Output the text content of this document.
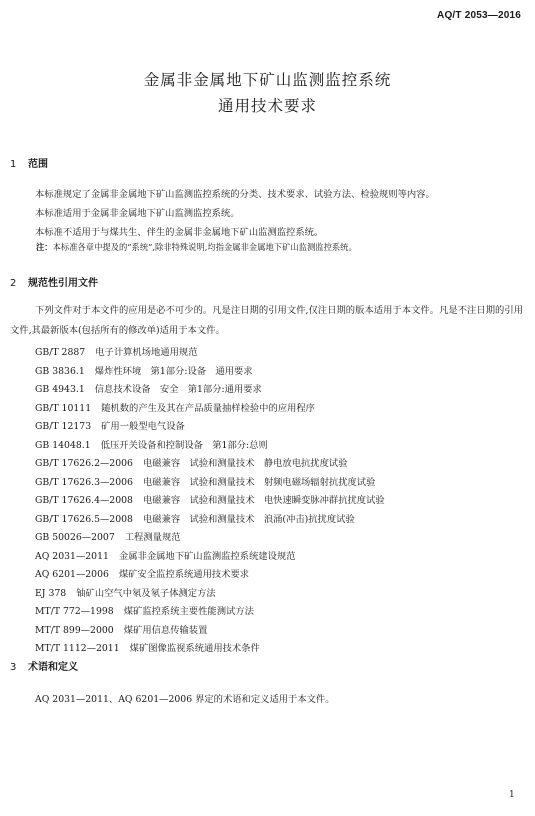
AQ/T 2053—2016
金属非金属地下矿山监测监控系统
通用技术要求
1 范围
本标准规定了金属非金属地下矿山监测监控系统的分类、技术要求、试验方法、检验规则等内容。
本标准适用于金属非金属地下矿山监测监控系统。
本标准不适用于与煤共生、伴生的金属非金属地下矿山监测监控系统。
注：本标准各章中提及的“系统”,除非特殊说明,均指金属非金属地下矿山监测监控系统。
2 规范性引用文件
下列文件对于本文件的应用是必不可少的。凡是注日期的引用文件,仅注日期的版本适用于本文件。凡是不注日期的引用文件,其最新版本(包括所有的修改单)适用于本文件。
GB/T 2887 电子计算机场地通用规范
GB 3836.1 爆炸性环境　第1部分:设备　通用要求
GB 4943.1 信息技术设备　安全　第1部分:通用要求
GB/T 10111 随机数的产生及其在产品质量抽样检验中的应用程序
GB/T 12173 矿用一般型电气设备
GB 14048.1 低压开关设备和控制设备　第1部分:总则
GB/T 17626.2—2006 电磁兼容　试验和测量技术　静电放电抗扰度试验
GB/T 17626.3—2006 电磁兼容　试验和测量技术　射频电磁场辐射抗扰度试验
GB/T 17626.4—2008 电磁兼容　试验和测量技术　电快速瞬变脉冲群抗扰度试验
GB/T 17626.5—2008 电磁兼容　试验和测量技术　浪涌(冲击)抗扰度试验
GB 50026—2007 工程测量规范
AQ 2031—2011 金属非金属地下矿山监测监控系统建设规范
AQ 6201—2006 煤矿安全监控系统通用技术要求
EJ 378 铀矿山空气中氡及氡子体测定方法
MT/T 772—1998 煤矿监控系统主要性能测试方法
MT/T 899—2000 煤矿用信息传输装置
MT/T 1112—2011 煤矿图像监视系统通用技术条件
3 术语和定义
AQ 2031—2011、AQ 6201—2006 界定的术语和定义适用于本文件。
1
